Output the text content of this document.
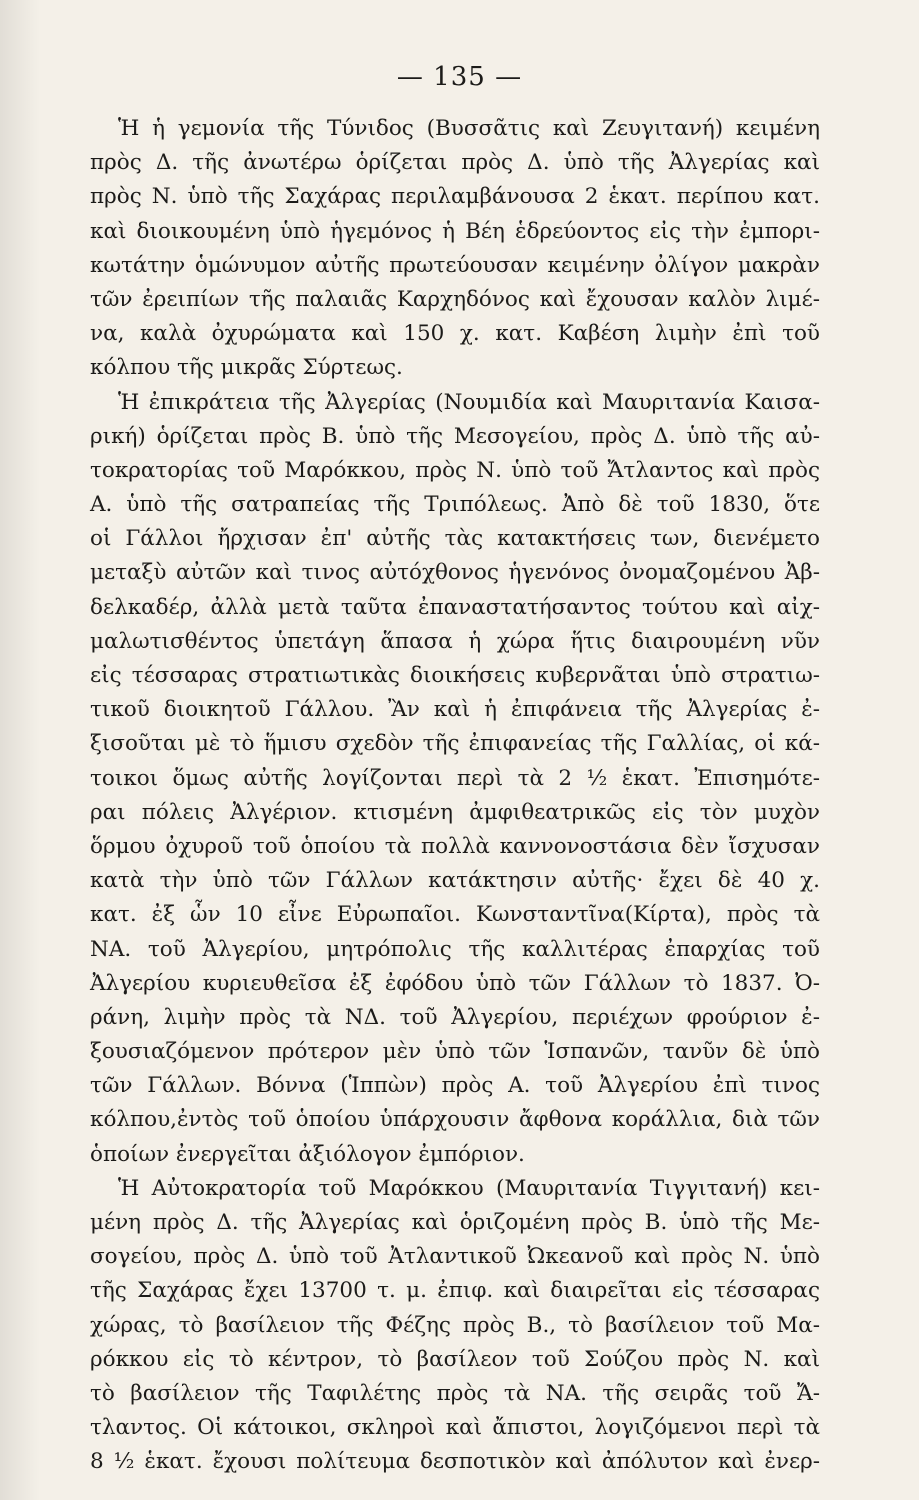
— 135 —
Ἡ ἡ γεμονία τῆς Τύνιδος (Βυσσᾶτις καὶ Ζευγιτανή) κειμένη
πρὸς Δ. τῆς ἀνωτέρω ὁρίζεται πρὸς Δ. ὑπὸ τῆς Ἀλγερίας καὶ
πρὸς Ν. ὑπὸ τῆς Σαχάρας περιλαμβάνουσα 2 ἑκατ. περίπου κατ.
καὶ διοικουμένη ὑπὸ ἡγεμόνος ἡ Βέη ἑδρεύοντος εἰς τὴν ἐμπορι-
κωτάτην ὁμώνυμον αὐτῆς πρωτεύουσαν κειμένην ὀλίγον μακρὰν
τῶν ἐρειπίων τῆς παλαιᾶς Καρχηδόνος καὶ ἔχουσαν καλὸν λιμέ-
να, καλὰ ὀχυρώματα καὶ 150 χ. κατ. Καβέση λιμὴν ἐπὶ τοῦ
κόλπου τῆς μικρᾶς Σύρτεως.
Ἡ ἐπικράτεια τῆς Ἀλγερίας (Νουμιδία καὶ Μαυριτανία Καισα-
ρική) ὁρίζεται πρὸς Β. ὑπὸ τῆς Μεσογείου, πρὸς Δ. ὑπὸ τῆς αὐ-
τοκρατορίας τοῦ Μαρόκκου, πρὸς Ν. ὑπὸ τοῦ Ἄτλαντος καὶ πρὸς
Α. ὑπὸ τῆς σατραπείας τῆς Τριπόλεως. Ἀπὸ δὲ τοῦ 1830, ὅτε
οἱ Γάλλοι ἤρχισαν ἐπ' αὐτῆς τὰς κατακτήσεις των, διενέμετο
μεταξὺ αὐτῶν καὶ τινος αὐτόχθονος ἡγενόνος ὀνομαζομένου Ἀβ-
δελκαδέρ, ἀλλὰ μετὰ ταῦτα ἐπαναστατήσαντος τούτου καὶ αἰχ-
μαλωτισθέντος ὑπετάγη ἅπασα ἡ χώρα ἥτις διαιρουμένη νῦν
εἰς τέσσαρας στρατιωτικὰς διοικήσεις κυβερνᾶται ὑπὸ στρατιω-
τικοῦ διοικητοῦ Γάλλου. Ἂν καὶ ἡ ἐπιφάνεια τῆς Ἀλγερίας ἐ-
ξισοῦται μὲ τὸ ἥμισυ σχεδὸν τῆς ἐπιφανείας τῆς Γαλλίας, οἱ κά-
τοικοι ὅμως αὐτῆς λογίζονται περὶ τὰ 2 ½ ἑκατ. Ἐπισημότε-
ραι πόλεις Ἀλγέριον. κτισμένη ἀμφιθεατρικῶς εἰς τὸν μυχὸν
ὅρμου ὀχυροῦ τοῦ ὁποίου τὰ πολλὰ καννονοστάσια δὲν ἴσχυσαν
κατὰ τὴν ὑπὸ τῶν Γάλλων κατάκτησιν αὐτῆς· ἔχει δὲ 40 χ.
κατ. ἐξ ὧν 10 εἶνε Εὐρωπαῖοι. Κωνσταντῖνα(Κίρτα), πρὸς τὰ
ΝΑ. τοῦ Ἀλγερίου, μητρόπολις τῆς καλλιτέρας ἐπαρχίας τοῦ
Ἀλγερίου κυριευθεῖσα ἐξ ἐφόδου ὑπὸ τῶν Γάλλων τὸ 1837. Ὀ-
ράνη, λιμὴν πρὸς τὰ ΝΔ. τοῦ Ἀλγερίου, περιέχων φρούριον ἐ-
ξουσιαζόμενον πρότερον μὲν ὑπὸ τῶν Ἱσπανῶν, τανῦν δὲ ὑπὸ
τῶν Γάλλων. Βόννα (Ἱππὼν) πρὸς Α. τοῦ Ἀλγερίου ἐπὶ τινος
κόλπου,ἐντὸς τοῦ ὁποίου ὑπάρχουσιν ἄφθονα κοράλλια, διὰ τῶν
ὁποίων ἐνεργεῖται ἀξιόλογον ἐμπόριον.
Ἡ Αὐτοκρατορία τοῦ Μαρόκκου (Μαυριτανία Τιγγιτανή) κει-
μένη πρὸς Δ. τῆς Ἀλγερίας καὶ ὁριζομένη πρὸς Β. ὑπὸ τῆς Με-
σογείου, πρὸς Δ. ὑπὸ τοῦ Ἀτλαντικοῦ Ὠκεανοῦ καὶ πρὸς Ν. ὑπὸ
τῆς Σαχάρας ἔχει 13700 τ. μ. ἐπιφ. καὶ διαιρεῖται εἰς τέσσαρας
χώρας, τὸ βασίλειον τῆς Φέζης πρὸς Β., τὸ βασίλειον τοῦ Μα-
ρόκκου εἰς τὸ κέντρον, τὸ βασίλεον τοῦ Σούζου πρὸς Ν. καὶ
τὸ βασίλειον τῆς Ταφιλέτης πρὸς τὰ ΝΑ. τῆς σειρᾶς τοῦ Ἄ-
τλαντος. Οἱ κάτοικοι, σκληροὶ καὶ ἄπιστοι, λογιζόμενοι περὶ τὰ
8 ½ ἑκατ. ἔχουσι πολίτευμα δεσποτικὸν καὶ ἀπόλυτον καὶ ἐνερ-
